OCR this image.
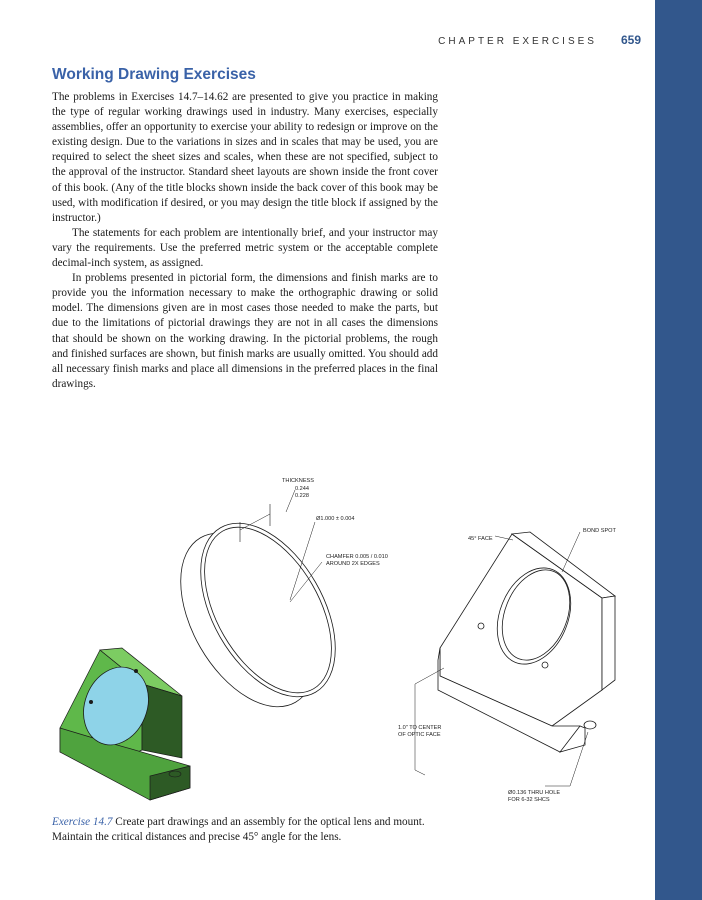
CHAPTER EXERCISES 659
Working Drawing Exercises

The problems in Exercises 14.7–14.62 are presented to give you practice in making the type of regular working drawings used in industry. Many exercises, especially assemblies, offer an opportunity to exercise your ability to redesign or improve on the existing design. Due to the variations in sizes and in scales that may be used, you are required to select the sheet sizes and scales, when these are not specified, subject to the approval of the instructor. Standard sheet layouts are shown inside the front cover of this book. (Any of the title blocks shown inside the back cover of this book may be used, with modification if desired, or you may design the title block if assigned by the instructor.)

The statements for each problem are intentionally brief, and your instructor may vary the requirements. Use the preferred metric system or the acceptable complete decimal-inch system, as assigned.

In problems presented in pictorial form, the dimensions and finish marks are to provide you the information necessary to make the orthographic drawing or solid model. The dimensions given are in most cases those needed to make the parts, but due to the limitations of pictorial drawings they are not in all cases the dimensions that should be shown on the working drawing. In the pictorial problems, the rough and finished surfaces are shown, but finish marks are usually omitted. You should add all necessary finish marks and place all dimensions in the preferred places in the final drawings.

THICKNESS
0.244
0.228
Ø1.000 ± 0.004
CHAMFER 0.005 / 0.010
AROUND 2X EDGES
45° FACE
BOND SPOT
1.0" TO CENTER
OF OPTIC FACE
Ø0.136 THRU HOLE
FOR 6-32 SHCS
Exercise 14.7 Create part drawings and an assembly for the optical lens and mount. Maintain the critical distances and precise 45° angle for the lens.
